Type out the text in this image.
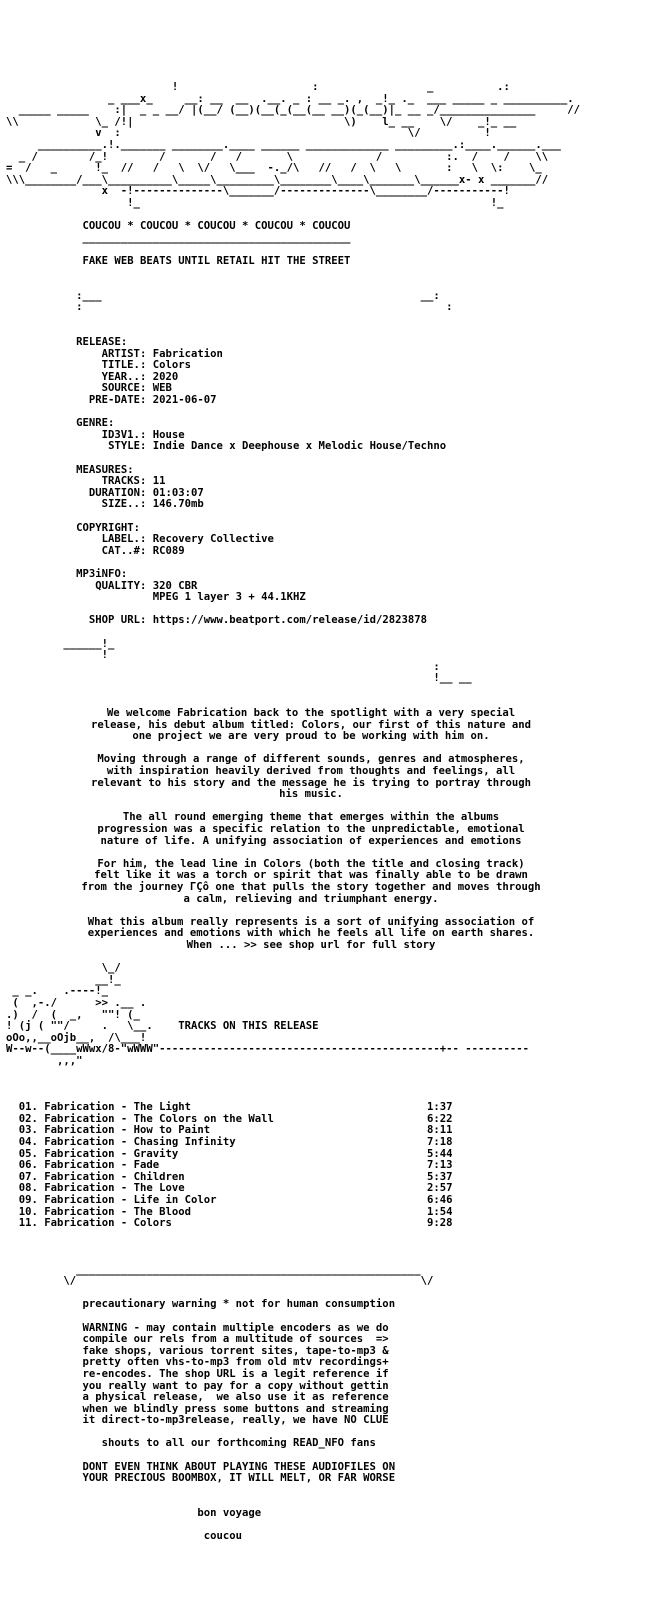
!                     :                 _          .:
_ ___x_     __: __  __  .__. _ : __ _. ,  _!_ ._  ___ _____ _ __________.
_____ _____    :|  _ _ __/ |(__/ (__)(__(_(__(__ __)(_(__)|_ __ _/_______________     //
\\            \_ /!|                                 \)    l_ __    \/    _!_ __
v  :                                             \/          !
__________.!._______ ________.____ ______ _____________ _________.:____.______.___
_ /        /_!        /       /   /       \             /          :.  /    /    \\
=  /   _      !_  //   /   \  \/   \___  -._/\   //   /  \   \       :   \  \:    \_
\\\________/___\__________\_____\_________\________\____\_______\______x- x _______//
x  -!--------------\_______/--------------\________/-----------!
!_                                                       !_
COUCOU * COUCOU * COUCOU * COUCOU * COUCOU
__________________________________________
FAKE WEB BEATS UNTIL RETAIL HIT THE STREET
:___                                                  __:
:                                                         :
RELEASE:
ARTIST: Fabrication
TITLE.: Colors
YEAR..: 2020
SOURCE: WEB
PRE-DATE: 2021-06-07
GENRE:
ID3V1.: House
STYLE: Indie Dance x Deephouse x Melodic House/Techno
MEASURES:
TRACKS: 11
DURATION: 01:03:07
SIZE..: 146.70mb
COPYRIGHT:
LABEL.: Recovery Collective
CAT..#: RC089
MP3iNFO:
QUALITY: 320 CBR
MPEG 1 layer 3 + 44.1KHZ
SHOP URL: https://www.beatport.com/release/id/2823878
______!_
!
:
!__ __
We welcome Fabrication back to the spotlight with a very special
release, his debut album titled: Colors, our first of this nature and
one project we are very proud to be working with him on.
Moving through a range of different sounds, genres and atmospheres,
with inspiration heavily derived from thoughts and feelings, all
relevant to his story and the message he is trying to portray through
his music.
The all round emerging theme that emerges within the albums
progression was a specific relation to the unpredictable, emotional
nature of life. A unifying association of experiences and emotions
For him, the lead line in Colors (both the title and closing track)
felt like it was a torch or spirit that was finally able to be drawn
from the journey ΓÇô one that pulls the story together and moves through
a calm, relieving and triumphant energy.
What this album really represents is a sort of unifying association of
experiences and emotions with which he feels all life on earth shares.
When ... >> see shop url for full story
\_/
__!_
_ _.    .----!_
(  ,-./      >> .__ .
.)  /  (  _,   ""! (_
! (j ( ""/     .   \__.    TRACKS ON THIS RELEASE
oOo,,__oOjb__,  /\___!
W--w--(____wWwx/8-"wWWW"--------------------------------------------+-- ----------
,,,"
01. Fabrication - The Light	1:37
02. Fabrication - The Colors on the Wall	6:22
03. Fabrication - How to Paint	8:11
04. Fabrication - Chasing Infinity	7:18
05. Fabrication - Gravity	5:44
06. Fabrication - Fade	7:13
07. Fabrication - Children	5:37
08. Fabrication - The Love	2:57
09. Fabrication - Life in Color	6:46
10. Fabrication - The Blood	1:54
11. Fabrication - Colors	9:28
______________________________________________________
\/                                                      \/
precautionary warning * not for human consumption
WARNING - may contain multiple encoders as we do
compile our rels from a multitude of sources  =>
fake shops, various torrent sites, tape-to-mp3 &
pretty often vhs-to-mp3 from old mtv recordings+
re-encodes. The shop URL is a legit reference if
you really want to pay for a copy without gettin
a physical release,  we also use it as reference
when we blindly press some buttons and streaming
it direct-to-mp3release, really, we have NO CLUE
shouts to all our forthcoming READ_NFO fans
DONT EVEN THINK ABOUT PLAYING THESE AUDIOFILES ON
YOUR PRECIOUS BOOMBOX, IT WILL MELT, OR FAR WORSE
bon voyage
coucou
